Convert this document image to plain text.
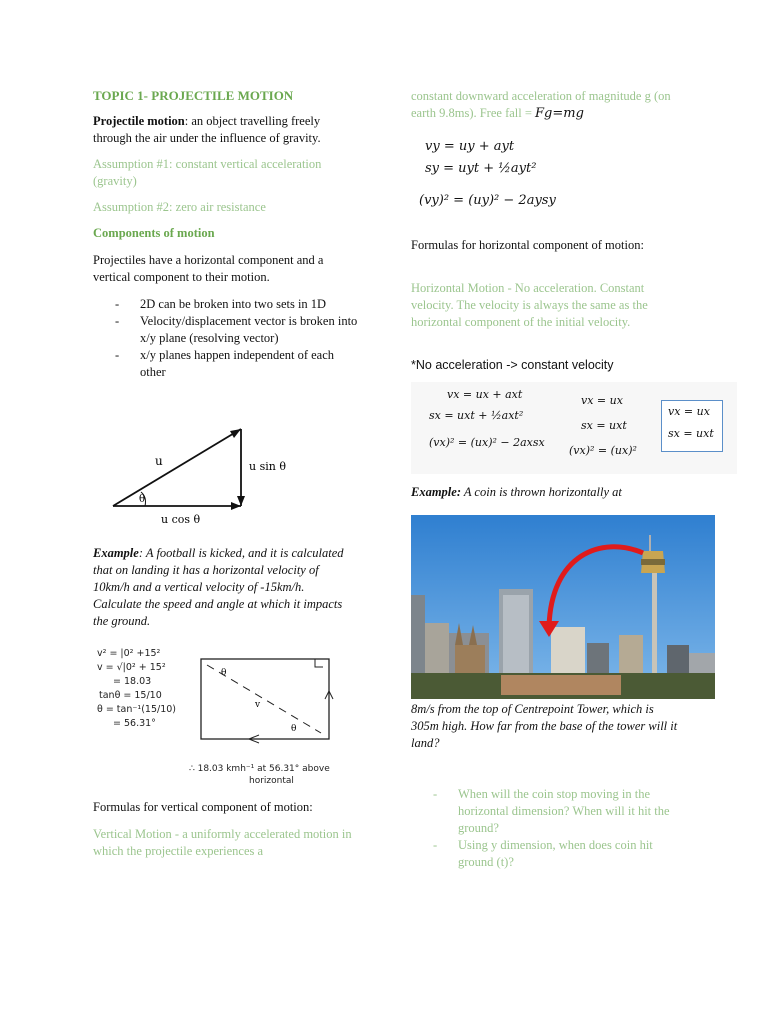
TOPIC 1- PROJECTILE MOTION

Projectile motion: an object travelling freely through the air under the influence of gravity.

Assumption #1: constant vertical acceleration (gravity)

Assumption #2: zero air resistance

Components of motion

Projectiles have a horizontal component and a vertical component to their motion.

- 2D can be broken into two sets in 1D
- Velocity/displacement vector is broken into x/y plane (resolving vector)
- x/y planes happen independent of each other
u	u sin θ
u cos θ
θ

Example: A football is kicked, and it is calculated that on landing it has a horizontal velocity of 10km/h and a vertical velocity of -15km/h. Calculate the speed and angle at which it impacts the ground.

v² = |0² +15²
v = √|0² + 15²
= 18.03
tanθ = 15/10
θ = tan⁻¹(15/10)
= 56.31°
θ
θ
v
∴ 18.03 kmh⁻¹ at 56.31° above
horizontal

Formulas for vertical component of motion:

Vertical Motion - a uniformly accelerated motion in which the projectile experiences a

constant downward acceleration of magnitude g (on earth 9.8ms). Free fall = Fg=mg

vy = uy + ayt
sy = uyt + ½ayt²
(vy)² = (uy)² − 2aysy

Formulas for horizontal component of motion:

Horizontal Motion - No acceleration. Constant velocity. The velocity is always the same as the horizontal component of the initial velocity.

*No acceleration -> constant velocity

vx = ux + axt
sx = uxt + ½axt²
(vx)² = (ux)² − 2axsx
vx = ux
sx = uxt
(vx)² = (ux)²
vx = ux
sx = uxt

Example: A coin is thrown horizontally at

8m/s from the top of Centrepoint Tower, which is 305m high. How far from the base of the tower will it land?

- When will the coin stop moving in the horizontal dimension? When will it hit the ground?
- Using y dimension, when does coin hit ground (t)?
